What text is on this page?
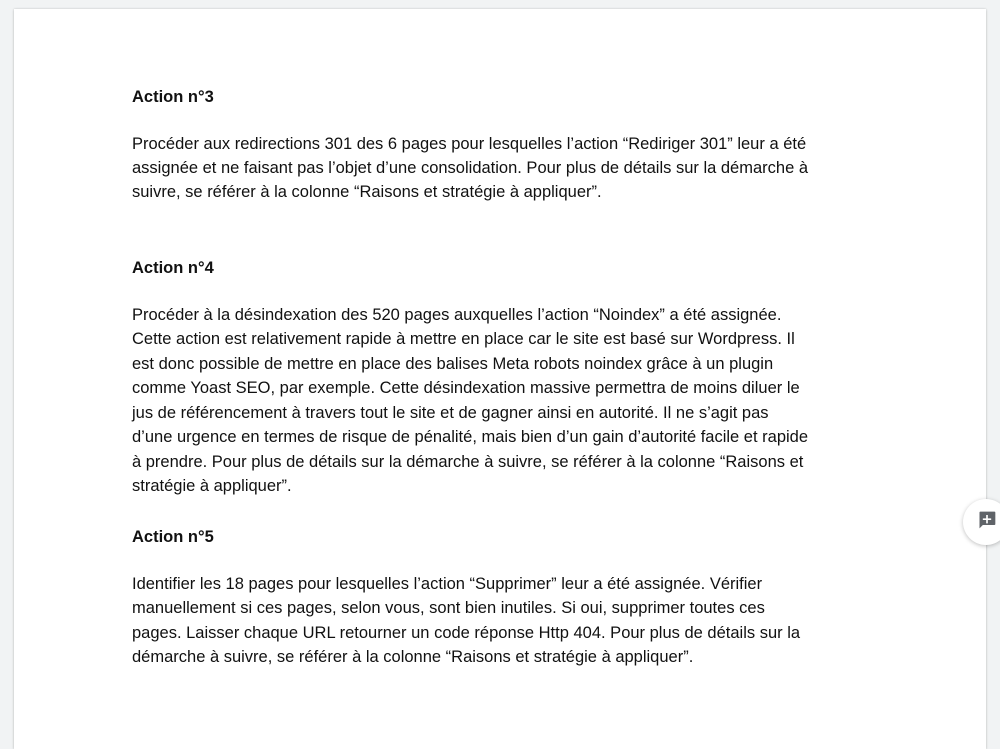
Action n°3
Procéder aux redirections 301 des 6 pages pour lesquelles l’action “Rediriger 301” leur a été
assignée et ne faisant pas l’objet d’une consolidation. Pour plus de détails sur la démarche à
suivre, se référer à la colonne “Raisons et stratégie à appliquer”.
Action n°4
Procéder à la désindexation des 520 pages auxquelles l’action “Noindex” a été assignée.
Cette action est relativement rapide à mettre en place car le site est basé sur Wordpress. Il
est donc possible de mettre en place des balises Meta robots noindex grâce à un plugin
comme Yoast SEO, par exemple. Cette désindexation massive permettra de moins diluer le
jus de référencement à travers tout le site et de gagner ainsi en autorité. Il ne s’agit pas
d’une urgence en termes de risque de pénalité, mais bien d’un gain d’autorité facile et rapide
à prendre. Pour plus de détails sur la démarche à suivre, se référer à la colonne “Raisons et
stratégie à appliquer”.
Action n°5
Identifier les 18 pages pour lesquelles l’action “Supprimer” leur a été assignée. Vérifier
manuellement si ces pages, selon vous, sont bien inutiles. Si oui, supprimer toutes ces
pages. Laisser chaque URL retourner un code réponse Http 404. Pour plus de détails sur la
démarche à suivre, se référer à la colonne “Raisons et stratégie à appliquer”.
